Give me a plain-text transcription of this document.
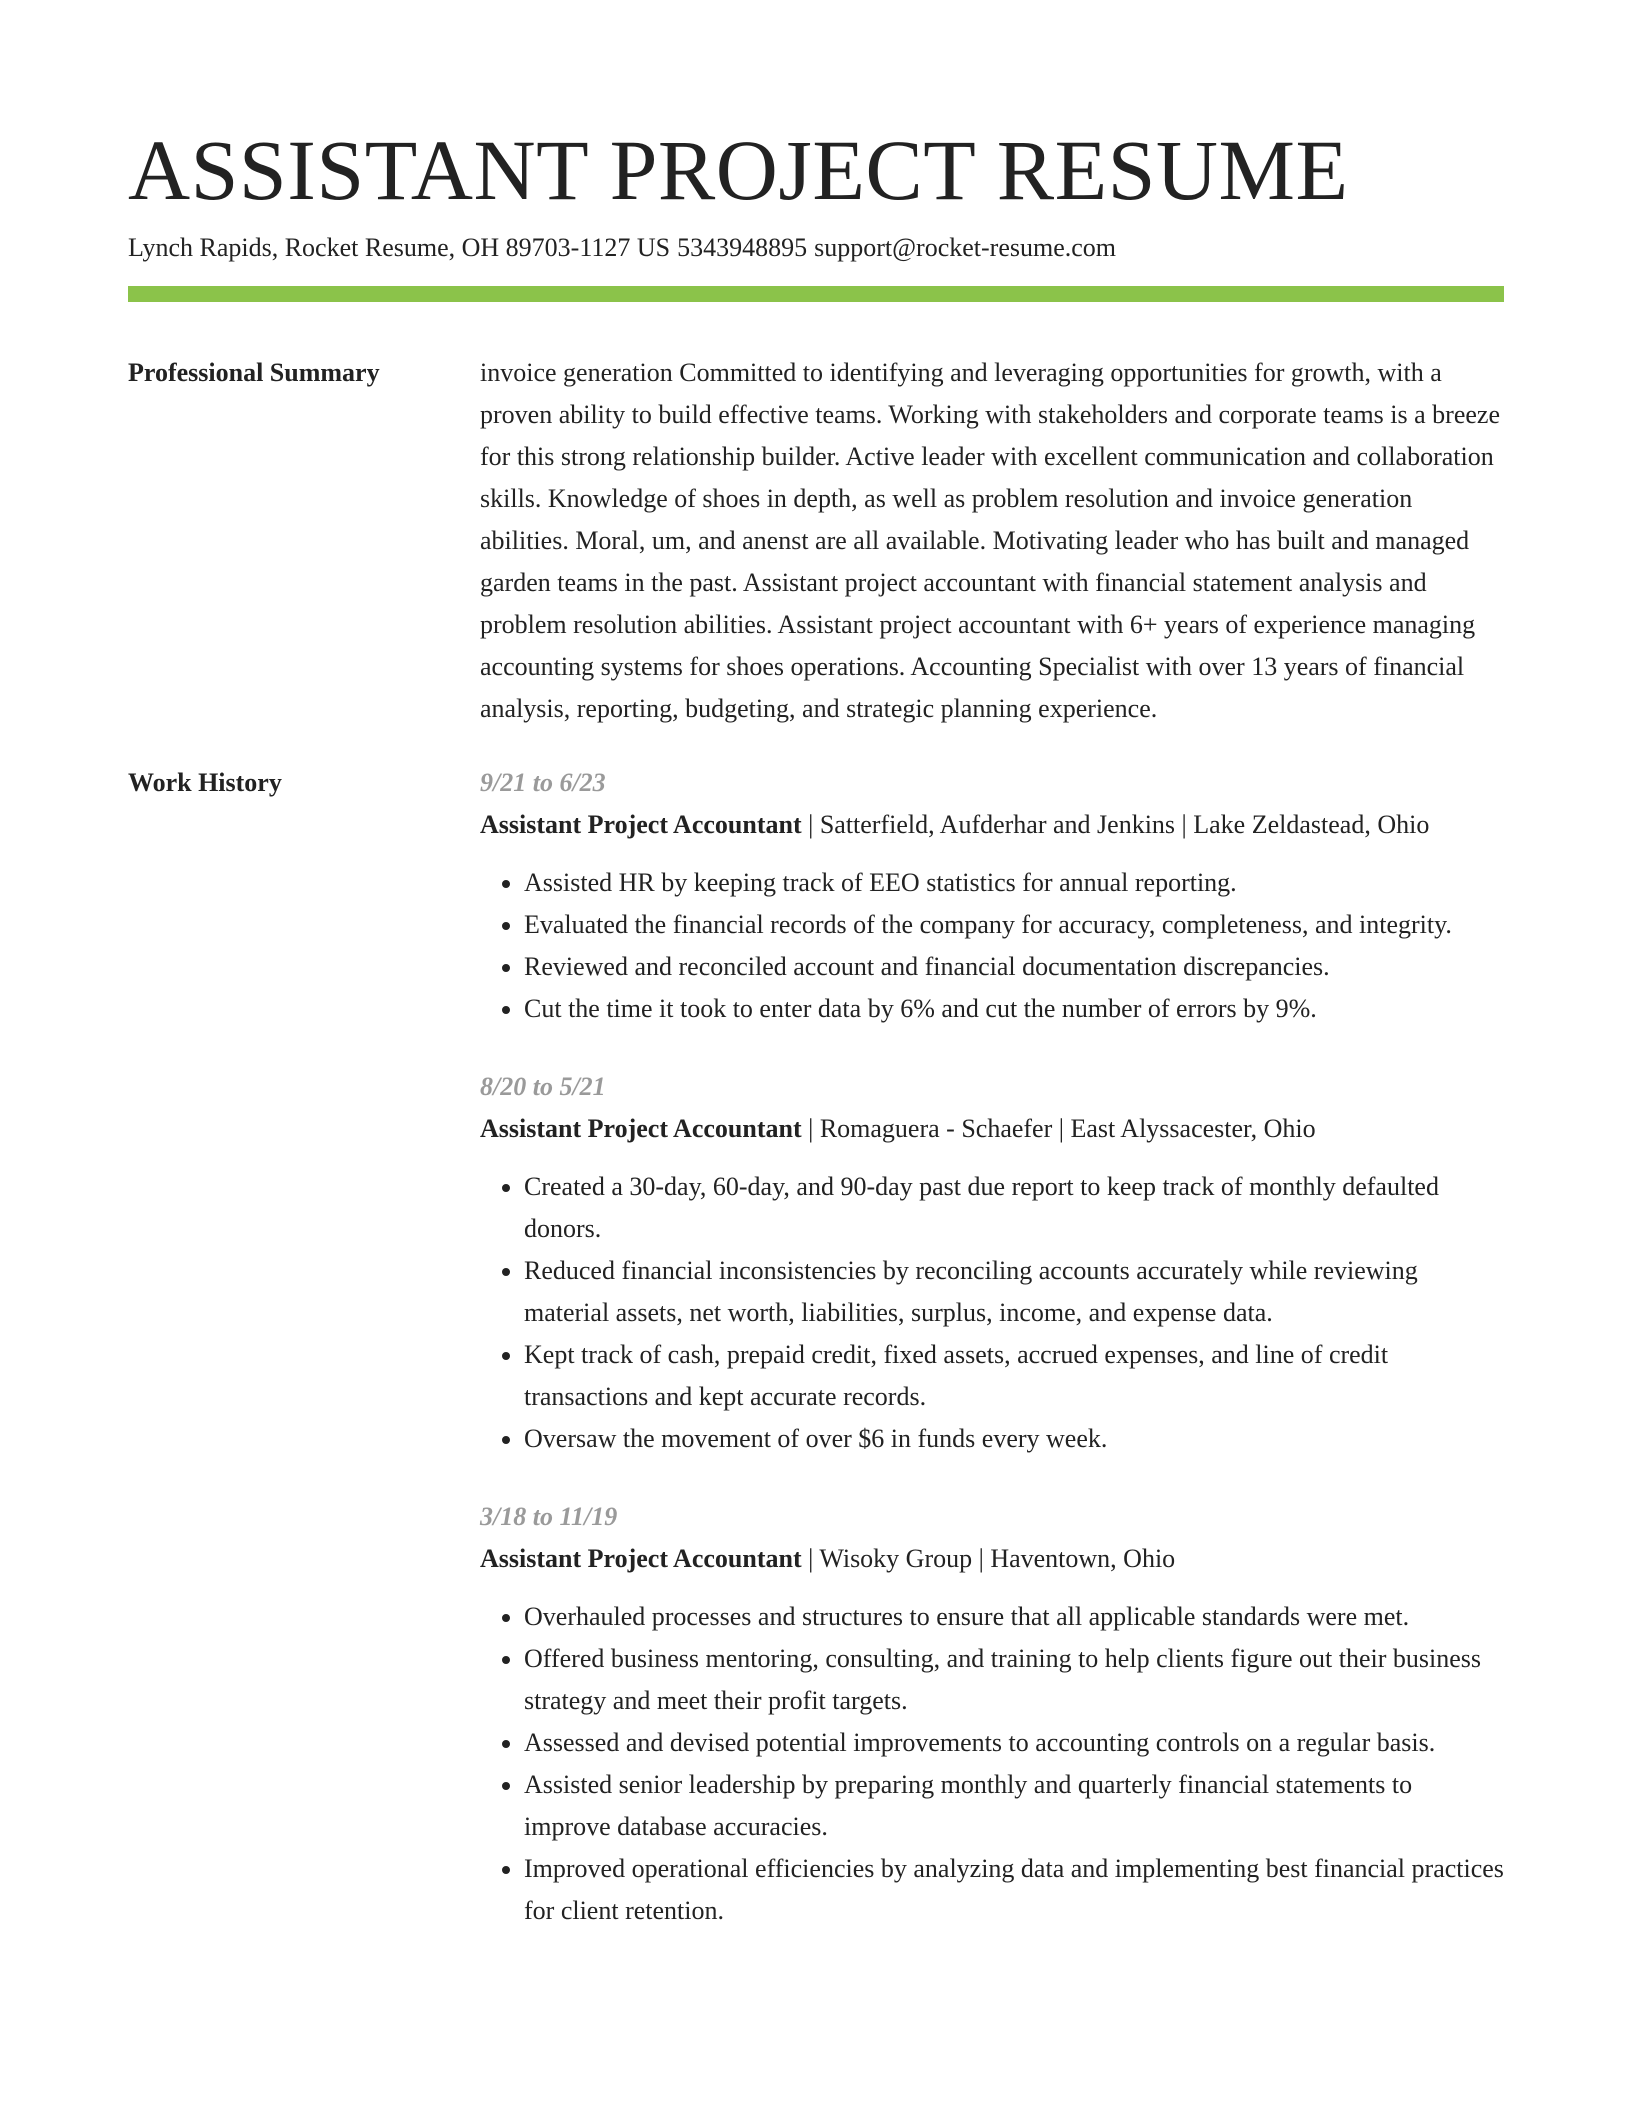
ASSISTANT PROJECT RESUME
Lynch Rapids, Rocket Resume, OH 89703-1127 US 5343948895 support@rocket-resume.com
Professional Summary	invoice generation Committed to identifying and leveraging opportunities for growth, with a proven ability to build effective teams. Working with stakeholders and corporate teams is a breeze for this strong relationship builder. Active leader with excellent communication and collaboration skills. Knowledge of shoes in depth, as well as problem resolution and invoice generation abilities. Moral, um, and anenst are all available. Motivating leader who has built and managed garden teams in the past. Assistant project accountant with financial statement analysis and problem resolution abilities. Assistant project accountant with 6+ years of experience managing accounting systems for shoes operations. Accounting Specialist with over 13 years of financial analysis, reporting, budgeting, and strategic planning experience.

Work History	9/21 to 6/23
Assistant Project Accountant | Satterfield, Aufderhar and Jenkins | Lake Zeldastead, Ohio
• Assisted HR by keeping track of EEO statistics for annual reporting.
• Evaluated the financial records of the company for accuracy, completeness, and integrity.
• Reviewed and reconciled account and financial documentation discrepancies.
• Cut the time it took to enter data by 6% and cut the number of errors by 9%.
8/20 to 5/21
Assistant Project Accountant | Romaguera - Schaefer | East Alyssacester, Ohio
• Created a 30-day, 60-day, and 90-day past due report to keep track of monthly defaulted donors.
• Reduced financial inconsistencies by reconciling accounts accurately while reviewing material assets, net worth, liabilities, surplus, income, and expense data.
• Kept track of cash, prepaid credit, fixed assets, accrued expenses, and line of credit transactions and kept accurate records.
• Oversaw the movement of over $6 in funds every week.
3/18 to 11/19
Assistant Project Accountant | Wisoky Group | Haventown, Ohio
• Overhauled processes and structures to ensure that all applicable standards were met.
• Offered business mentoring, consulting, and training to help clients figure out their business strategy and meet their profit targets.
• Assessed and devised potential improvements to accounting controls on a regular basis.
• Assisted senior leadership by preparing monthly and quarterly financial statements to improve database accuracies.
• Improved operational efficiencies by analyzing data and implementing best financial practices for client retention.
